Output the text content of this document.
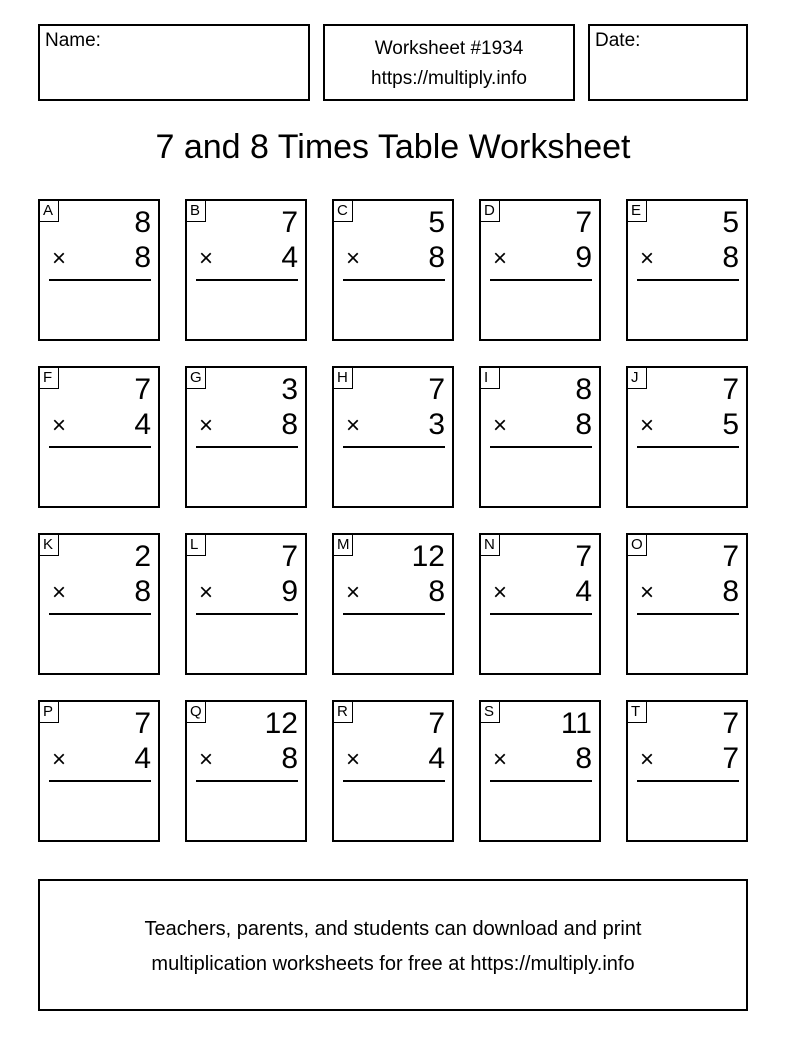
Name:	Worksheet #1934
https://multiply.info
Date:
7 and 8 Times Table Worksheet
A	8
× 8
B	7
× 4
C	5
× 8
D	7
× 9
E	5
× 8
F	7
× 4
G	3
× 8
H	7
× 3
I	8
× 8
J	7
× 5
K	2
× 8
L	7
× 9
M 12
× 8
N	7
× 4
O	7
× 8
P	7
× 4
Q 12
× 8
R	7
× 4
S 11
× 8
T	7
× 7
Teachers, parents, and students can download and print
multiplication worksheets for free at https://multiply.info
